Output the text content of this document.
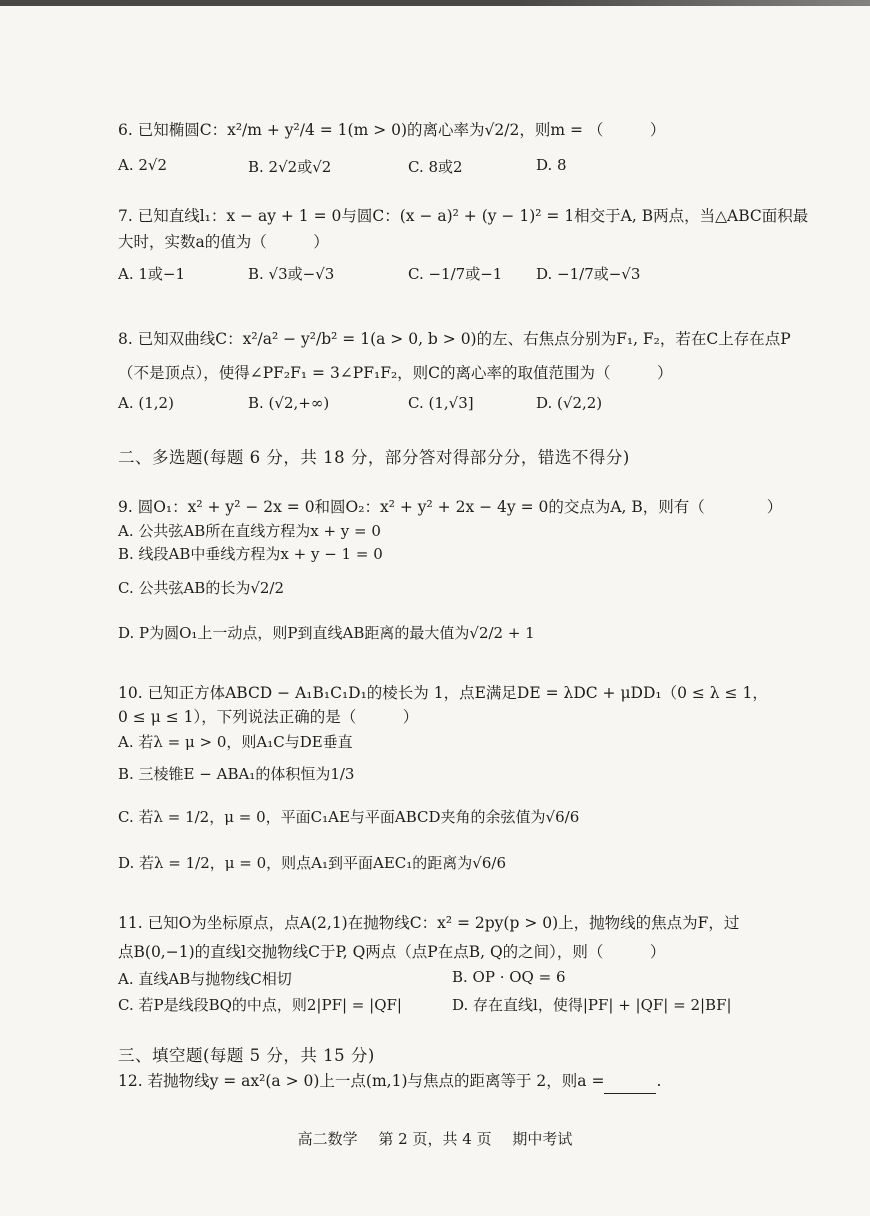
6. 已知椭圆C：x²/m + y²/4 = 1(m > 0)的离心率为√2/2，则m = （　　　）
A. 2√2	B. 2√2或√2	C. 8或2	D. 8
7. 已知直线l₁：x − ay + 1 = 0与圆C：(x − a)² + (y − 1)² = 1相交于A, B两点，当△ABC面积最
大时，实数a的值为（　　　）
A. 1或−1	B. √3或−√3	C. −1/7或−1 D. −1/7或−√3
8. 已知双曲线C：x²/a² − y²/b² = 1(a > 0, b > 0)的左、右焦点分别为F₁, F₂，若在C上存在点P
（不是顶点），使得∠PF₂F₁ = 3∠PF₁F₂，则C的离心率的取值范围为（　　　）
A. (1,2)	B. (√2,+∞)	C. (1,√3]	D. (√2,2)
二、多选题(每题 6 分，共 18 分，部分答对得部分分，错选不得分)
9. 圆O₁：x² + y² − 2x = 0和圆O₂：x² + y² + 2x − 4y = 0的交点为A, B，则有（　　　　）
A. 公共弦AB所在直线方程为x + y = 0
B. 线段AB中垂线方程为x + y − 1 = 0
C. 公共弦AB的长为√2/2
D. P为圆O₁上一动点，则P到直线AB距离的最大值为√2/2 + 1
10. 已知正方体ABCD − A₁B₁C₁D₁的棱长为 1，点E满足DE = λDC + μDD₁（0 ≤ λ ≤ 1，
0 ≤ μ ≤ 1），下列说法正确的是（　　　）
A. 若λ = μ > 0，则A₁C与DE垂直
B. 三棱锥E − ABA₁的体积恒为1/3
C. 若λ = 1/2，μ = 0，平面C₁AE与平面ABCD夹角的余弦值为√6/6
D. 若λ = 1/2，μ = 0，则点A₁到平面AEC₁的距离为√6/6
11. 已知O为坐标原点，点A(2,1)在抛物线C：x² = 2py(p > 0)上，抛物线的焦点为F，过
点B(0,−1)的直线l交抛物线C于P, Q两点（点P在点B, Q的之间），则（　　　）
A. 直线AB与抛物线C相切	B. OP · OQ = 6
C. 若P是线段BQ的中点，则2|PF| = |QF|	D. 存在直线l，使得|PF| + |QF| = 2|BF|
三、填空题(每题 5 分，共 15 分)
12. 若抛物线y = ax²(a > 0)上一点(m,1)与焦点的距离等于 2，则a =	.
高二数学 第 2 页，共 4 页 期中考试
